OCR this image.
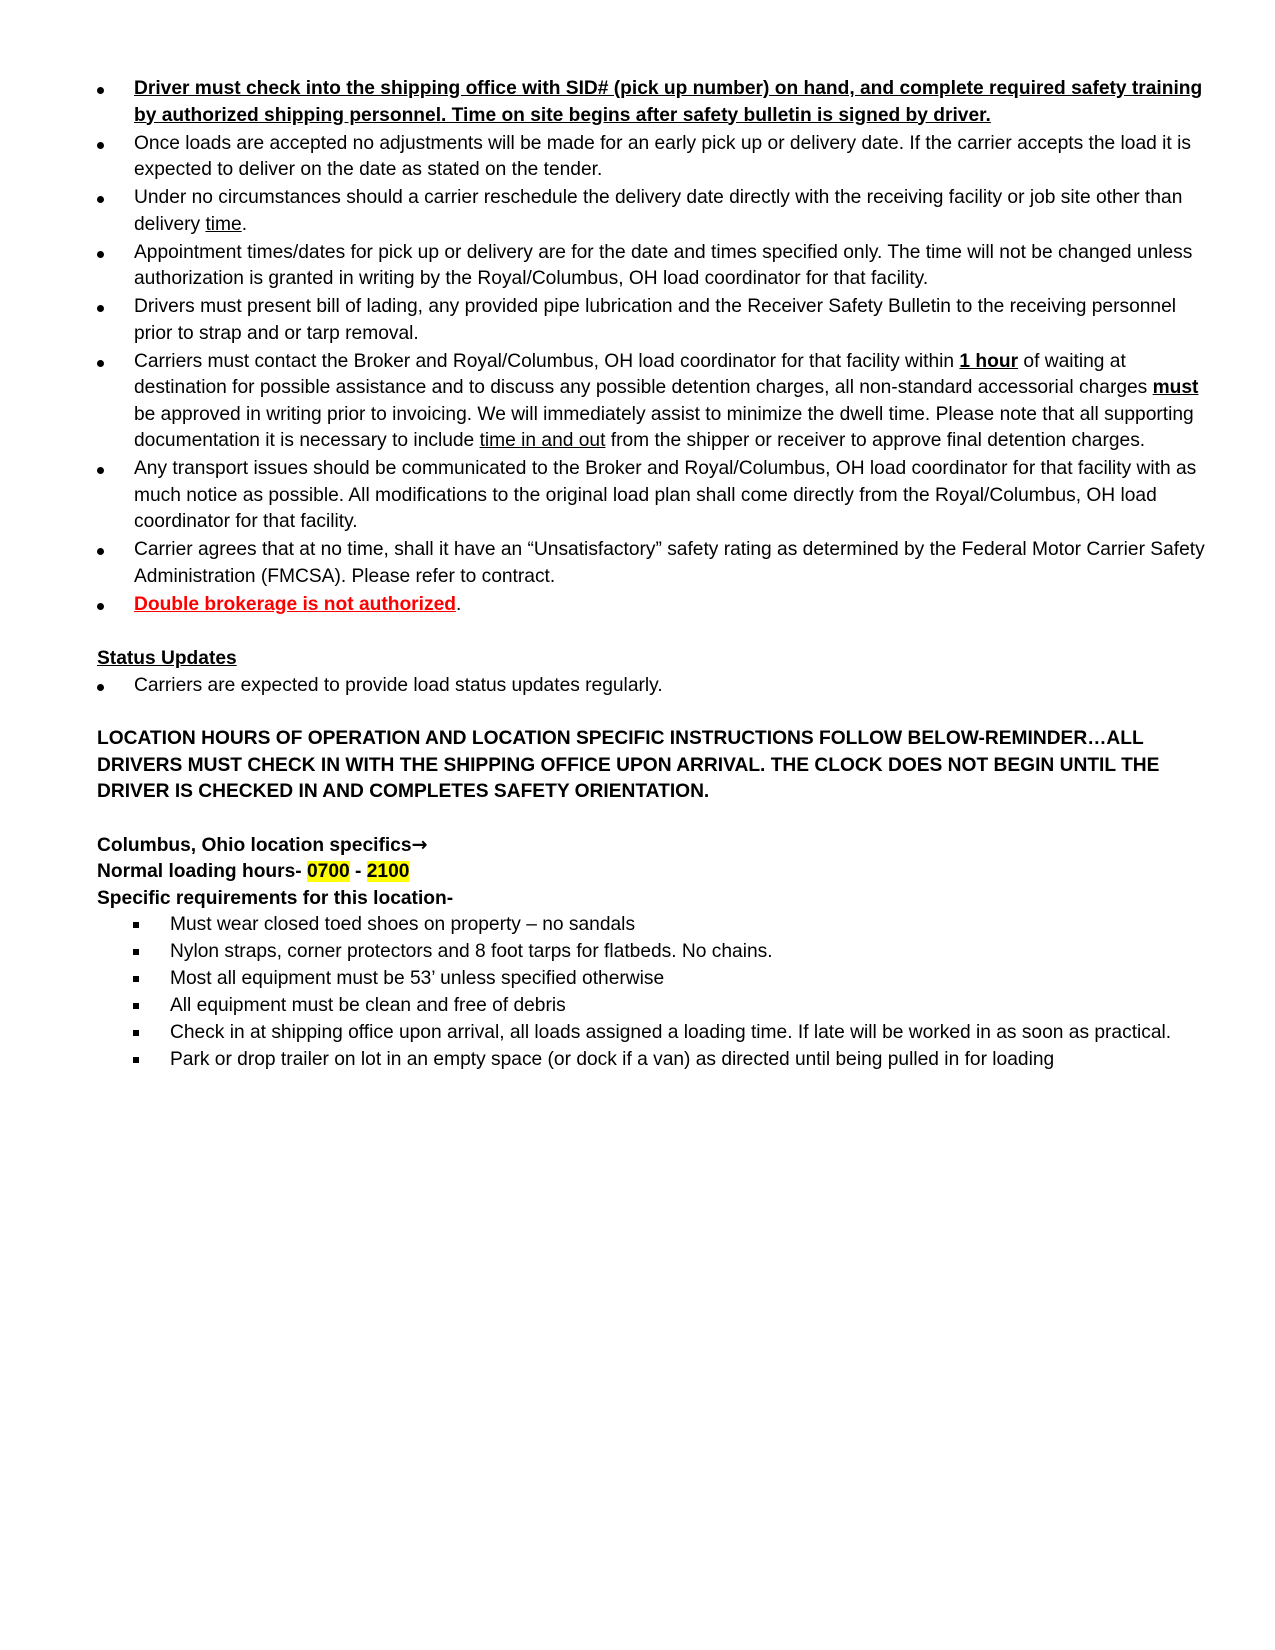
Driver must check into the shipping office with SID# (pick up number) on hand, and complete required safety training by authorized shipping personnel. Time on site begins after safety bulletin is signed by driver.
Once loads are accepted no adjustments will be made for an early pick up or delivery date. If the carrier accepts the load it is expected to deliver on the date as stated on the tender.
Under no circumstances should a carrier reschedule the delivery date directly with the receiving facility or job site other than delivery time.
Appointment times/dates for pick up or delivery are for the date and times specified only. The time will not be changed unless authorization is granted in writing by the Royal/Columbus, OH load coordinator for that facility.
Drivers must present bill of lading, any provided pipe lubrication and the Receiver Safety Bulletin to the receiving personnel prior to strap and or tarp removal.
Carriers must contact the Broker and Royal/Columbus, OH load coordinator for that facility within 1 hour of waiting at destination for possible assistance and to discuss any possible detention charges, all non-standard accessorial charges must be approved in writing prior to invoicing. We will immediately assist to minimize the dwell time. Please note that all supporting documentation it is necessary to include time in and out from the shipper or receiver to approve final detention charges.
Any transport issues should be communicated to the Broker and Royal/Columbus, OH load coordinator for that facility with as much notice as possible. All modifications to the original load plan shall come directly from the Royal/Columbus, OH load coordinator for that facility.
Carrier agrees that at no time, shall it have an “Unsatisfactory” safety rating as determined by the Federal Motor Carrier Safety Administration (FMCSA). Please refer to contract.
Double brokerage is not authorized.
Status Updates
Carriers are expected to provide load status updates regularly.
LOCATION HOURS OF OPERATION AND LOCATION SPECIFIC INSTRUCTIONS FOLLOW BELOW-REMINDER…ALL DRIVERS MUST CHECK IN WITH THE SHIPPING OFFICE UPON ARRIVAL. THE CLOCK DOES NOT BEGIN UNTIL THE DRIVER IS CHECKED IN AND COMPLETES SAFETY ORIENTATION.
Columbus, Ohio location specifics→
Normal loading hours- 0700 - 2100
Specific requirements for this location-
Must wear closed toed shoes on property – no sandals
Nylon straps, corner protectors and 8 foot tarps for flatbeds. No chains.
Most all equipment must be 53’ unless specified otherwise
All equipment must be clean and free of debris
Check in at shipping office upon arrival, all loads assigned a loading time. If late will be worked in as soon as practical.
Park or drop trailer on lot in an empty space (or dock if a van) as directed until being pulled in for loading
